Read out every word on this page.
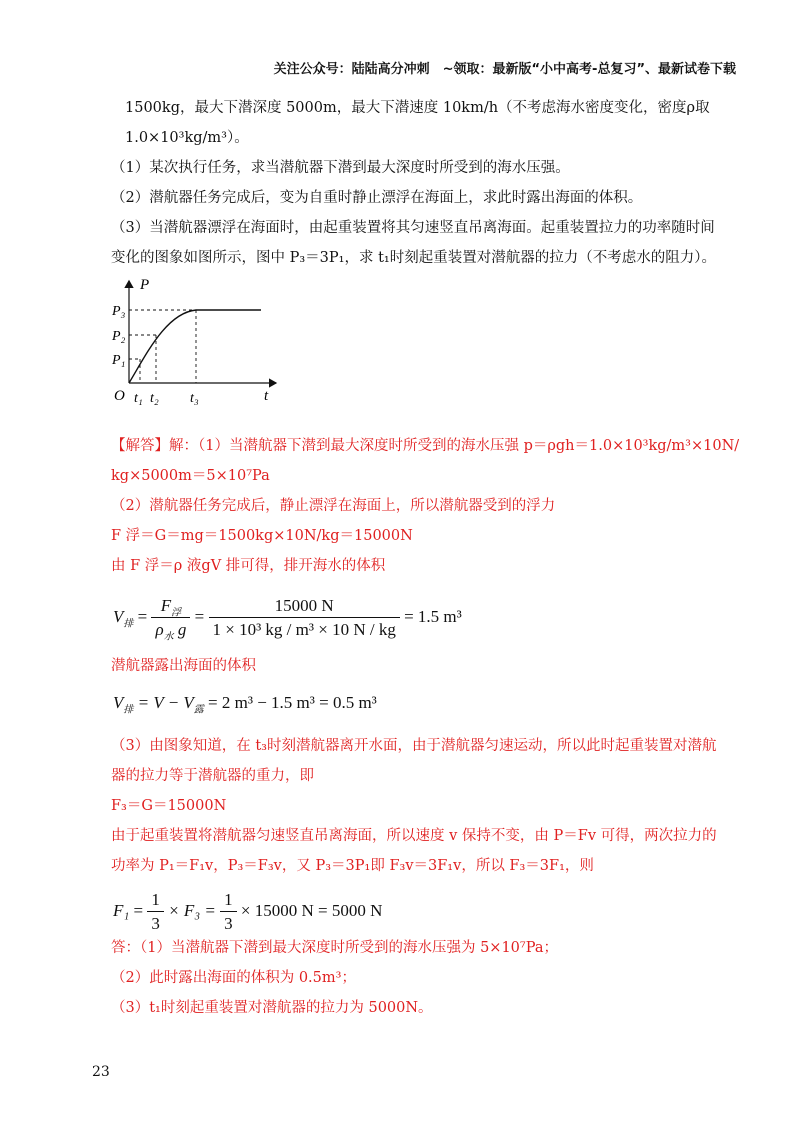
关注公众号：陆陆高分冲刺　~领取：最新版“小中高考-总复习”、最新试卷下载
1500kg，最大下潜深度 5000m，最大下潜速度 10km/h（不考虑海水密度变化，密度ρ取
1.0×10³kg/m³）。
（1）某次执行任务，求当潜航器下潜到最大深度时所受到的海水压强。
（2）潜航器任务完成后，变为自重时静止漂浮在海面上，求此时露出海面的体积。
（3）当潜航器漂浮在海面时，由起重装置将其匀速竖直吊离海面。起重装置拉力的功率随时间
变化的图象如图所示，图中 P₃＝3P₁，求 t₁时刻起重装置对潜航器的拉力（不考虑水的阻力）。
P
t
O
P₁
P₂
P₃
t₁ t₂ t₃
【解答】解：（1）当潜航器下潜到最大深度时所受到的海水压强 p＝ρgh＝1.0×10³kg/m³×10N/
kg×5000m＝5×10⁷Pa
（2）潜航器任务完成后，静止漂浮在海面上，所以潜航器受到的浮力
F 浮＝G＝mg＝1500kg×10N/kg＝15000N
由 F 浮＝ρ 液gV 排可得，排开海水的体积
$V_排 = \frac{F_浮}{\rho_水 g} = \frac{15000 N}{\text{1 × 10³ kg / m³ × 10 N / kg}} = 1.5$ m³
潜航器露出海面的体积
$V_排 = V - V_露 = 2$ m³ − 1.5 m³ = 0.5 m³
（3）由图象知道，在 t₃时刻潜航器离开水面，由于潜航器匀速运动，所以此时起重装置对潜航
器的拉力等于潜航器的重力，即
F₃＝G＝15000N
由于起重装置将潜航器匀速竖直吊离海面，所以速度 v 保持不变，由 P＝Fv 可得，两次拉力的
功率为 P₁＝F₁v，P₃＝F₃v，又 P₃＝3P₁即 F₃v＝3F₁v，所以 F₃＝3F₁，则
$F_1 = \frac{1}{3} \times F_3 = \frac{1}{3} \times 15000$ N = 5000 N
答：（1）当潜航器下潜到最大深度时所受到的海水压强为 5×10⁷Pa；
（2）此时露出海面的体积为 0.5m³；
（3）t₁时刻起重装置对潜航器的拉力为 5000N。
23
